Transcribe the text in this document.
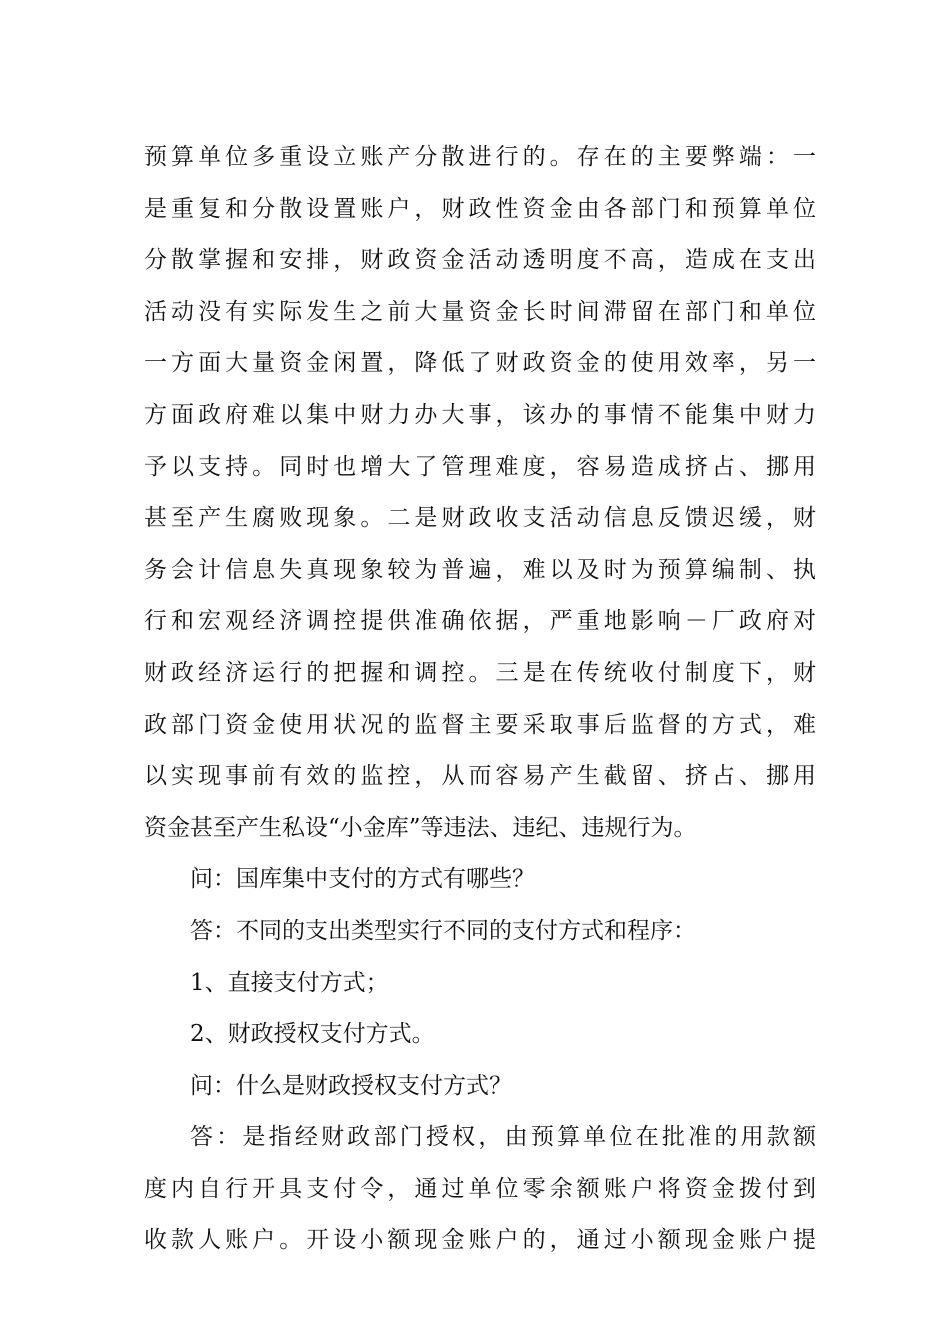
预算单位多重设立账产分散进行的。存在的主要弊端：一
是重复和分散设置账户，财政性资金由各部门和预算单位
分散掌握和安排，财政资金活动透明度不高，造成在支出
活动没有实际发生之前大量资金长时间滞留在部门和单位
一方面大量资金闲置，降低了财政资金的使用效率，另一
方面政府难以集中财力办大事，该办的事情不能集中财力
予以支持。同时也增大了管理难度，容易造成挤占、挪用
甚至产生腐败现象。二是财政收支活动信息反馈迟缓，财
务会计信息失真现象较为普遍，难以及时为预算编制、执
行和宏观经济调控提供准确依据，严重地影响－厂政府对
财政经济运行的把握和调控。三是在传统收付制度下，财
政部门资金使用状况的监督主要采取事后监督的方式，难
以实现事前有效的监控，从而容易产生截留、挤占、挪用
资金甚至产生私设“小金库”等违法、违纪、违规行为。
问：国库集中支付的方式有哪些？
答：不同的支出类型实行不同的支付方式和程序：
1、直接支付方式；
2、财政授权支付方式。
问：什么是财政授权支付方式？
答：是指经财政部门授权，由预算单位在批准的用款额
度内自行开具支付令，通过单位零余额账户将资金拨付到
收款人账户。开设小额现金账户的，通过小额现金账户提
